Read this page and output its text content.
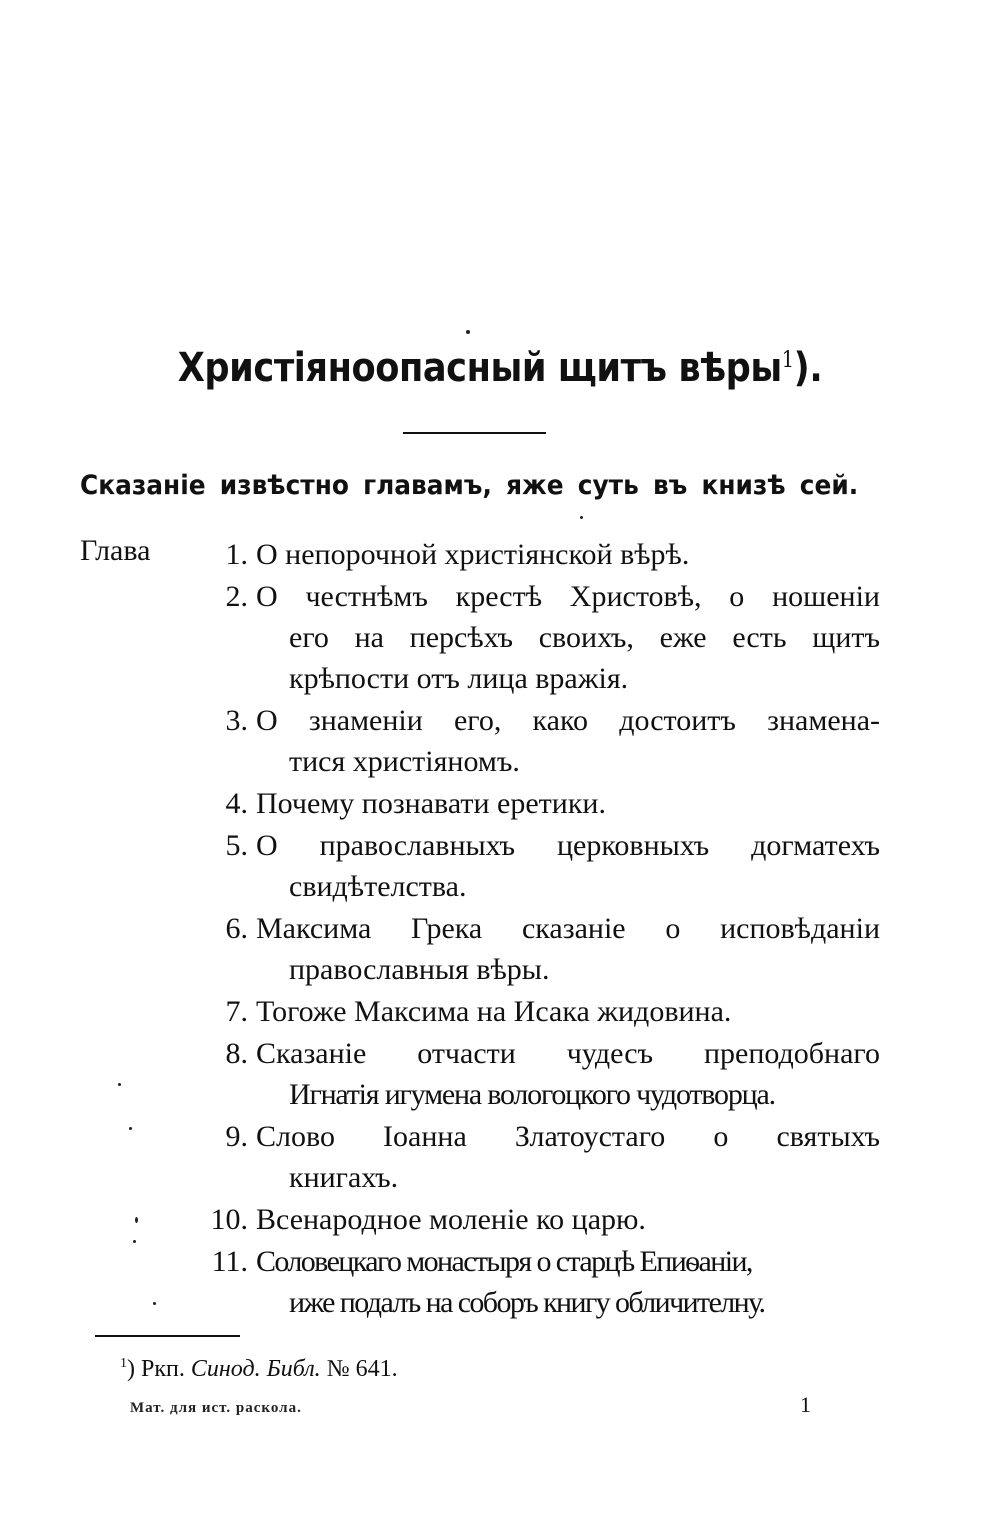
Христіяноопасный щитъ вѣры$^1$).
Сказаніе извѣстно главамъ, яже суть въ книзѣ сей.
Глава	1. О непорочной христіянской вѣрѣ.
2. О честнѣмъ крестѣ Христовѣ, о ношеніи
его на персѣхъ своихъ, еже есть щитъ
крѣпости отъ лица вражія.
3. О знаменіи его, како достоитъ знамена-
тися христіяномъ.
4. Почему познавати еретики.
5. О православныхъ церковныхъ догматехъ
свидѣтелства.
6. Максима Грека сказаніе о исповѣданіи
православныя вѣры.
7. Тогоже Максима на Исака жидовина.
8. Сказаніе отчасти чудесъ преподобнаго
Игнатія игумена вологоцкого чудотворца.
9. Слово Іоанна Златоустаго о святыхъ
книгахъ.
10. Всенародное моленіе ко царю.
11. Соловецкаго монастыря о старцѣ Епиѳаніи,
иже подалъ на соборъ книгу обличителну.
$^1$) Ркп. Синод. Библ. № 641.
Мат. для ист. раскола.	1
